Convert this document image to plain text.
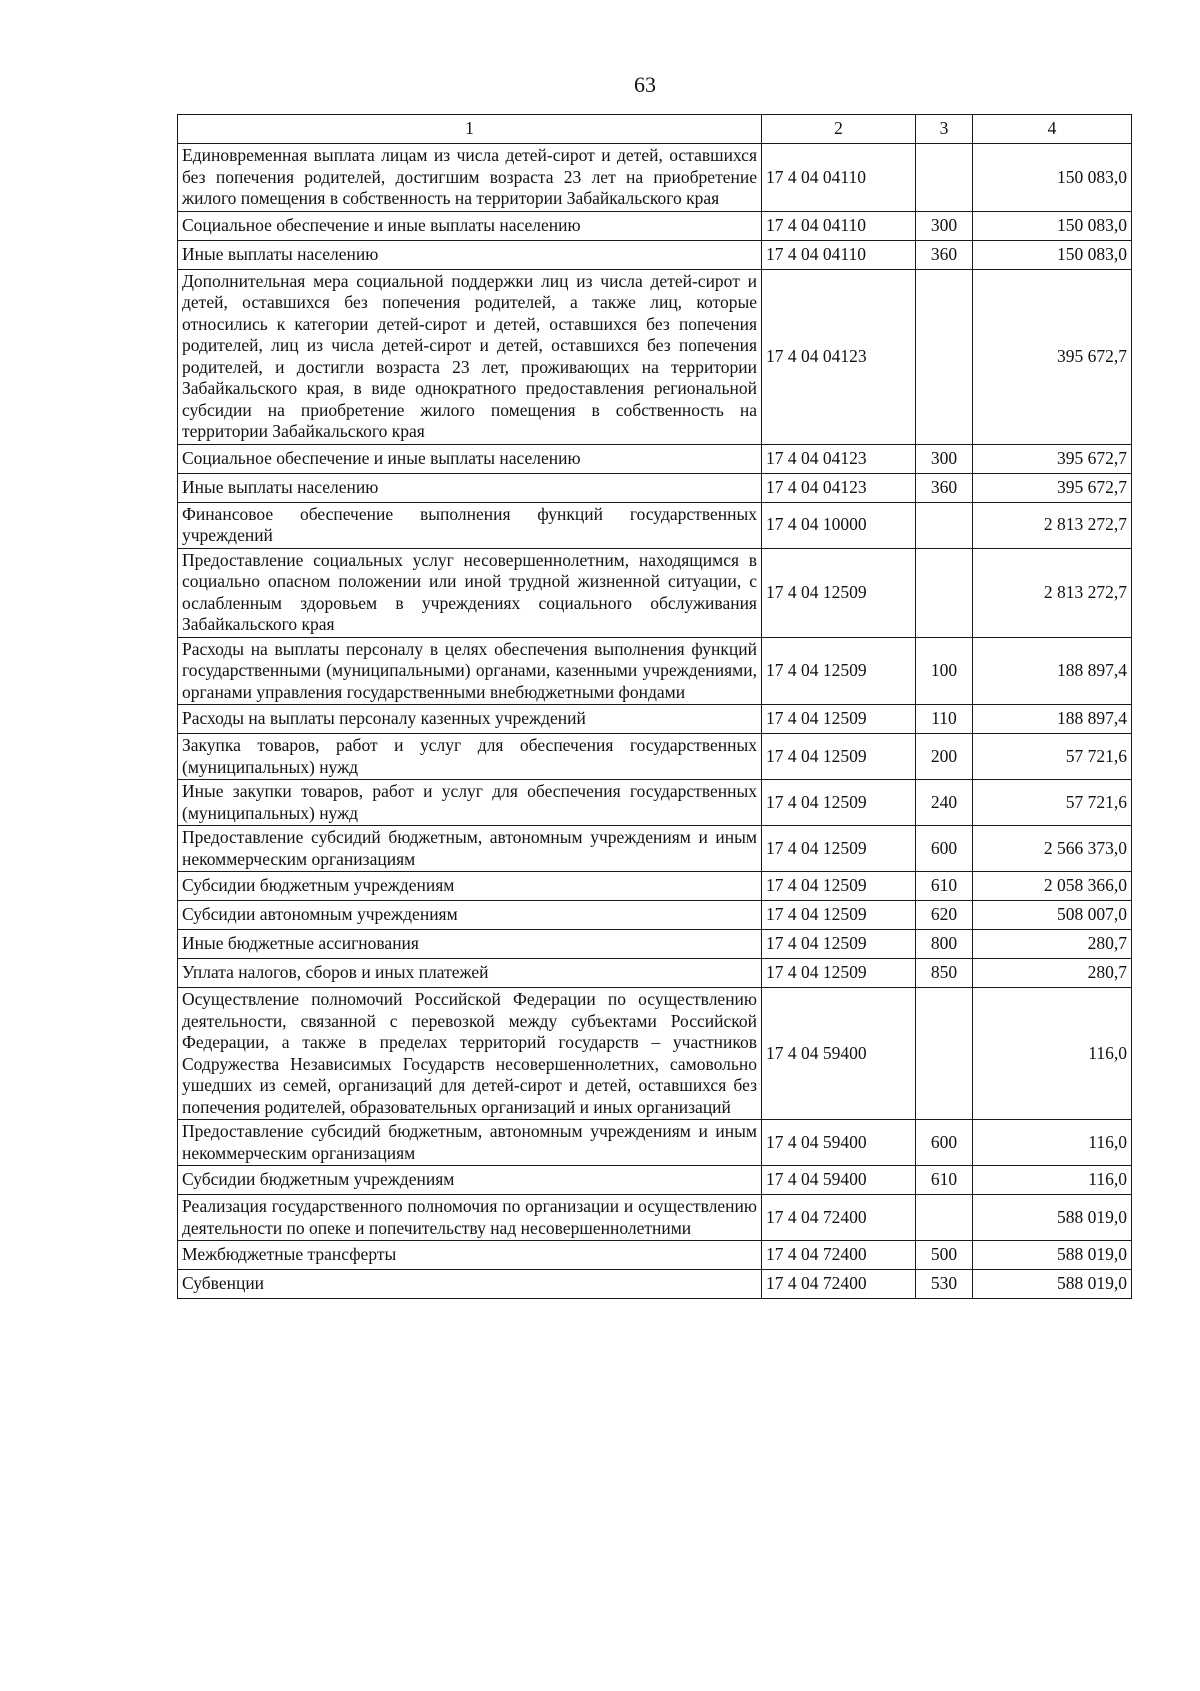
63
1	2	3	4
Единовременная выплата лицам из числа детей-сирот и детей, оставшихся без попечения родителей, достигшим возраста 23 лет на приобретение жилого помещения в собственность на территории Забайкальского края	17 4 04 04110		150 083,0
Социальное обеспечение и иные выплаты населению	17 4 04 04110	300	150 083,0
Иные выплаты населению	17 4 04 04110	360	150 083,0
Дополнительная мера социальной поддержки лиц из числа детей-сирот и детей, оставшихся без попечения родителей, а также лиц, которые относились к категории детей-сирот и детей, оставшихся без попечения родителей, лиц из числа детей-сирот и детей, оставшихся без попечения родителей, и достигли возраста 23 лет, проживающих на территории Забайкальского края, в виде однократного предоставления региональной субсидии на приобретение жилого помещения в собственность на территории Забайкальского края	17 4 04 04123		395 672,7
Социальное обеспечение и иные выплаты населению	17 4 04 04123	300	395 672,7
Иные выплаты населению	17 4 04 04123	360	395 672,7
Финансовое обеспечение выполнения функций государственных учреждений	17 4 04 10000		2 813 272,7
Предоставление социальных услуг несовершеннолетним, находящимся в социально опасном положении или иной трудной жизненной ситуации, с ослабленным здоровьем в учреждениях социального обслуживания Забайкальского края	17 4 04 12509		2 813 272,7
Расходы на выплаты персоналу в целях обеспечения выполнения функций государственными (муниципальными) органами, казенными учреждениями, органами управления государственными внебюджетными фондами	17 4 04 12509	100	188 897,4
Расходы на выплаты персоналу казенных учреждений	17 4 04 12509	110	188 897,4
Закупка товаров, работ и услуг для обеспечения государственных (муниципальных) нужд	17 4 04 12509	200	57 721,6
Иные закупки товаров, работ и услуг для обеспечения государственных (муниципальных) нужд	17 4 04 12509	240	57 721,6
Предоставление субсидий бюджетным, автономным учреждениям и иным некоммерческим организациям	17 4 04 12509	600	2 566 373,0
Субсидии бюджетным учреждениям	17 4 04 12509	610	2 058 366,0
Субсидии автономным учреждениям	17 4 04 12509	620	508 007,0
Иные бюджетные ассигнования	17 4 04 12509	800	280,7
Уплата налогов, сборов и иных платежей	17 4 04 12509	850	280,7
Осуществление полномочий Российской Федерации по осуществлению деятельности, связанной с перевозкой между субъектами Российской Федерации, а также в пределах территорий государств – участников Содружества Независимых Государств несовершеннолетних, самовольно ушедших из семей, организаций для детей-сирот и детей, оставшихся без попечения родителей, образовательных организаций и иных организаций	17 4 04 59400		116,0
Предоставление субсидий бюджетным, автономным учреждениям и иным некоммерческим организациям	17 4 04 59400	600	116,0
Субсидии бюджетным учреждениям	17 4 04 59400	610	116,0
Реализация государственного полномочия по организации и осуществлению деятельности по опеке и попечительству над несовершеннолетними	17 4 04 72400		588 019,0
Межбюджетные трансферты	17 4 04 72400	500	588 019,0
Субвенции	17 4 04 72400	530	588 019,0
